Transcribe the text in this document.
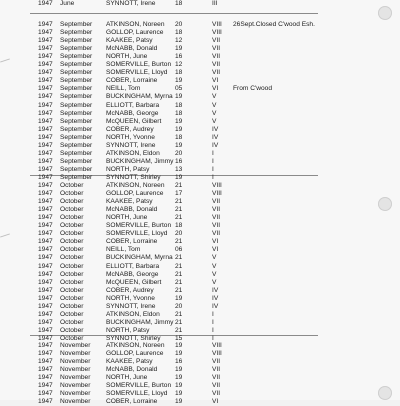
1947 June	SYNNOTT, Irene	18	III
1947 September ATKINSON, Noreen 20	VIII 26Sept.Closed C'wood Esh.
1947 September GOLLOP, Laurence 18	VIII
1947 September KAAKEE, Patsy	12	VII
1947 September McNABB, Donald	19	VII
1947 September NORTH, June	16	VII
1947 September SOMERVILLE, Burton 12	VII
1947 September SOMERVILLE, Lloyd 18	VII
1947 September COBER, Lorraine	19	VI
1947 September NEILL, Tom	05	VI From C'wood
1947 September BUCKINGHAM, Myrna 19	V
1947 September ELLIOTT, Barbara 18	V
1947 September McNABB, George	18	V
1947 September McQUEEN, Gilbert 19	V
1947 September COBER, Audrey	19	IV
1947 September NORTH, Yvonne	18	IV
1947 September SYNNOTT, Irene	19	IV
1947 September ATKINSON, Eldon 20	I
1947 September BUCKINGHAM, Jimmy 16	I
1947 September NORTH, Patsy	13	I
1947 September SYNNOTT, Shirley 19	I
1947 October	ATKINSON, Noreen 21	VIII
1947 October	GOLLOP, Laurence 17	VIII
1947 October	KAAKEE, Patsy	21	VII
1947 October	McNABB, Donald	21	VII
1947 October	NORTH, June	21	VII
1947 October	SOMERVILLE, Burton 18	VII
1947 October	SOMERVILLE, Lloyd 20	VII
1947 October	COBER, Lorraine	21	VI
1947 October	NEILL, Tom	06	VI
1947 October	BUCKINGHAM, Myrna 21	V
1947 October	ELLIOTT, Barbara 21	V
1947 October	McNABB, George	21	V
1947 October	McQUEEN, Gilbert 21	V
1947 October	COBER, Audrey	21	IV
1947 October	NORTH, Yvonne	19	IV
1947 October	SYNNOTT, Irene	20	IV
1947 October	ATKINSON, Eldon 21	I
1947 October	BUCKINGHAM, Jimmy 21	I
1947 October	NORTH, Patsy	21	I
1947 October	SYNNOTT, Shirley 15	I
1947 November ATKINSON, Noreen 19	VIII
1947 November GOLLOP, Laurence 19	VIII
1947 November KAAKEE, Patsy	16	VII
1947 November McNABB, Donald	19	VII
1947 November NORTH, June	19	VII
1947 November SOMERVILLE, Burton 19	VII
1947 November SOMERVILLE, Lloyd 19	VII
1947 November COBER, Lorraine	19	VI
